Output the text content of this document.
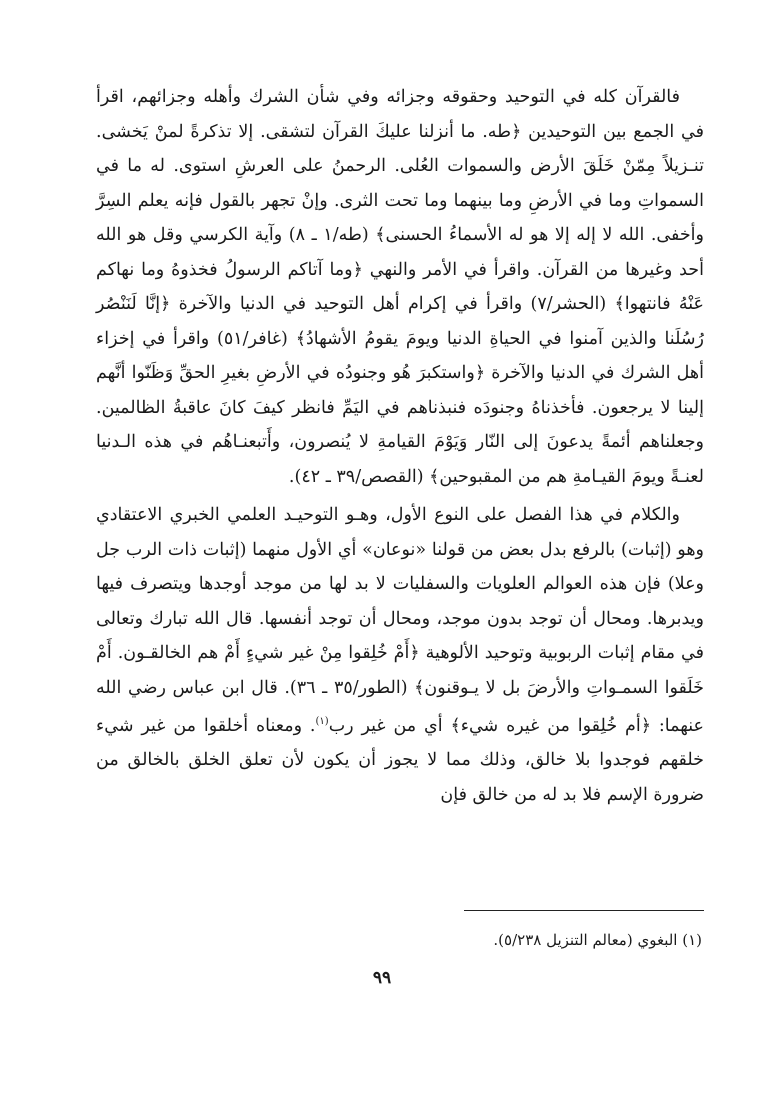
فالقرآن كله في التوحيد وحقوقه وجزائه وفي شأن الشرك وأهله وجزائهم، اقرأ في الجمع بين التوحيدين ﴿طه. ما أنزلنا عليكَ القرآن لتشقى. إلا تذكرةً لمنْ يَخشى. تنـزيلاً مِمّنْ خَلَقَ الأرض والسموات العُلى. الرحمنُ على العرشِ استوى. له ما في السمواتِ وما في الأرضِ وما بينهما وما تحت الثرى. وإنْ تجهر بالقول فإنه يعلم السِرَّ وأخفى. الله لا إله إلا هو له الأسماءُ الحسنى﴾ (طه/١ ـ ٨) وآية الكرسي وقل هو الله أحد وغيرها من القرآن. واقرأ في الأمر والنهي ﴿وما آتاكم الرسولُ فخذوهُ وما نهاكم عَنْهُ فانتهوا﴾ (الحشر/٧) واقرأ في إكرام أهل التوحيد في الدنيا والآخرة ﴿إنَّا لَنَنْصُر رُسُلَنا والذين آمنوا في الحياةِ الدنيا ويومَ يقومُ الأشهادُ﴾ (غافر/٥١) واقرأ في إخزاء أهل الشرك في الدنيا والآخرة ﴿واستكبرَ هُو وجنودُه في الأرضِ بغيرِ الحقِّ وَظَنّوا أنَّهم إلينا لا يرجعون. فأخذناهُ وجنودَه فنبذناهم في اليَمِّ فانظر كيفَ كانَ عاقبةُ الظالمين. وجعلناهم أئمةً يدعونَ إلى النّار وَيَوْمَ القيامةِ لا يُنصرون، وأَتبعنـاهُم في هذه الـدنيا لعنـةً ويومَ القيـامةِ هم من المقبوحين﴾ (القصص/٣٩ ـ ٤٢).

والكلام في هذا الفصل على النوع الأول، وهـو التوحيـد العلمي الخبري الاعتقادي وهو (إثبات) بالرفع بدل بعض من قولنا «نوعان» أي الأول منهما (إثبات ذات الرب جل وعلا) فإن هذه العوالم العلويات والسفليات لا بد لها من موجد أوجدها ويتصرف فيها ويدبرها. ومحال أن توجد بدون موجد، ومحال أن توجد أنفسها. قال الله تبارك وتعالى في مقام إثبات الربوبية وتوحيد الألوهية ﴿أَمْ خُلِقوا مِنْ غير شيءٍ أَمْ هم الخالقـون. أَمْ خَلَقوا السمـواتِ والأرضَ بل لا يـوقنون﴾ (الطور/٣٥ ـ ٣٦). قال ابن عباس رضي الله عنهما: ﴿أم خُلِقوا من غيره شيء﴾ أي من غير رب$^{(١)}$. ومعناه أخلقوا من غير شيء خلقهم فوجدوا بلا خالق، وذلك مما لا يجوز أن يكون لأن تعلق الخلق بالخالق من ضرورة الإسم فلا بد له من خالق فإن

(١) البغوي (معالم التنزيل ٥/٢٣٨).
٩٩
